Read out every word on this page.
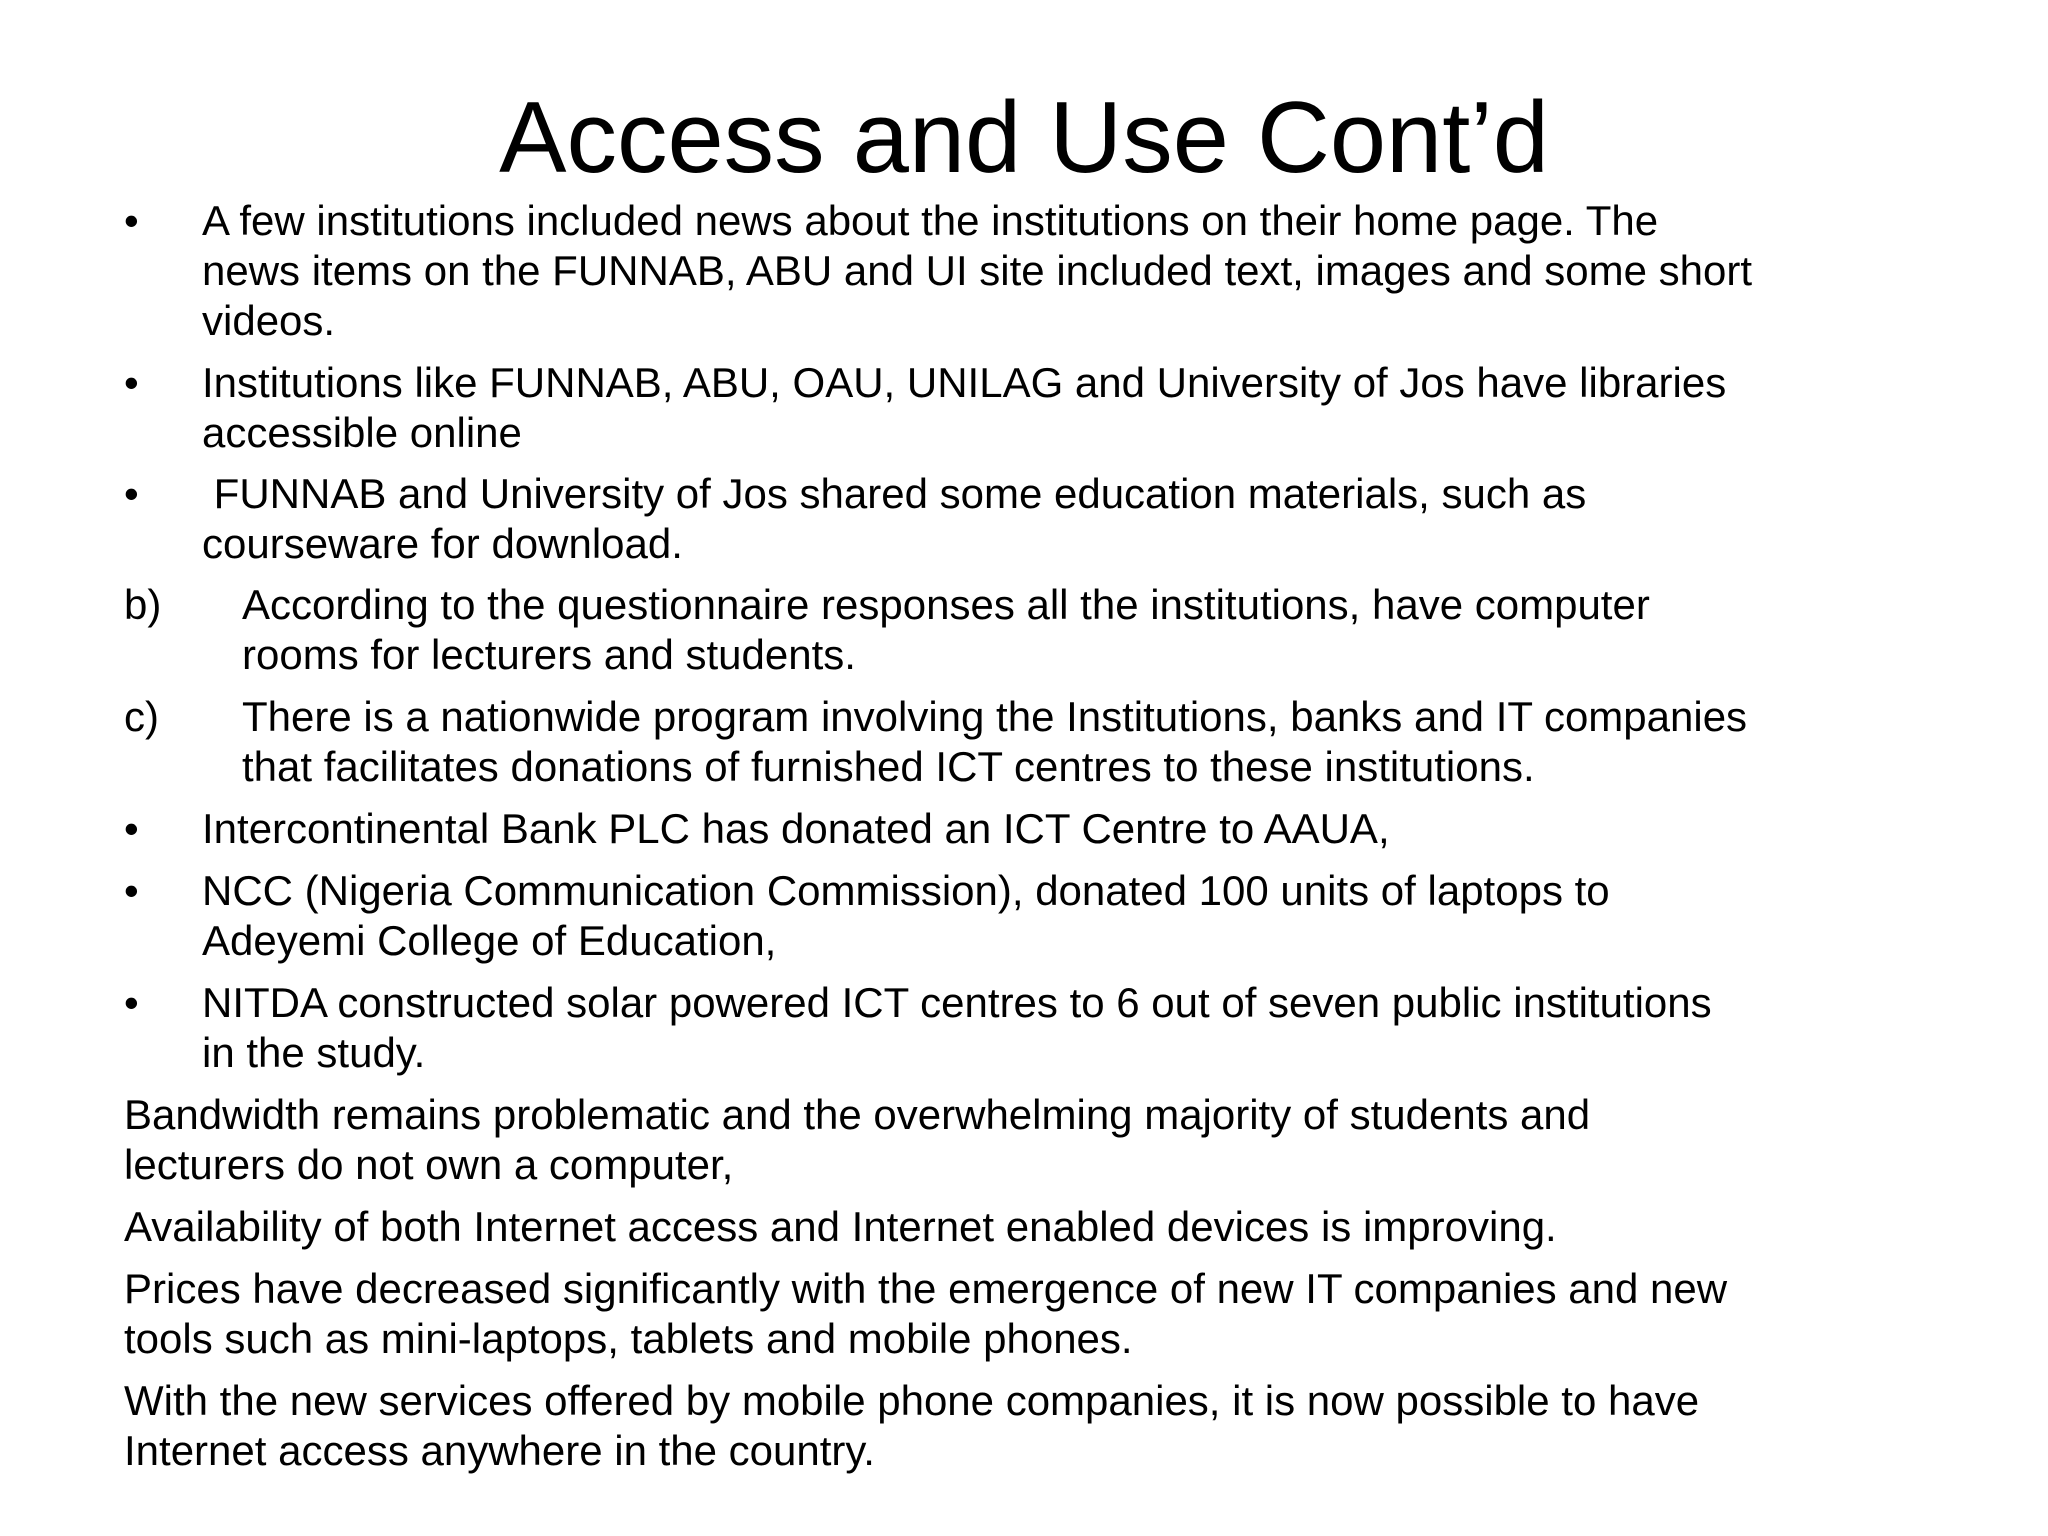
Access and Use Cont’d
• A few institutions included news about the institutions on their home page. The
news items on the FUNNAB, ABU and UI site included text, images and some short
videos.
• Institutions like FUNNAB, ABU, OAU, UNILAG and University of Jos have libraries
accessible online
• FUNNAB and University of Jos shared some education materials, such as
courseware for download.
b) According to the questionnaire responses all the institutions, have computer
rooms for lecturers and students.
c) There is a nationwide program involving the Institutions, banks and IT companies
that facilitates donations of furnished ICT centres to these institutions.
• Intercontinental Bank PLC has donated an ICT Centre to AAUA,
• NCC (Nigeria Communication Commission), donated 100 units of laptops to
Adeyemi College of Education,
• NITDA constructed solar powered ICT centres to 6 out of seven public institutions
in the study.
Bandwidth remains problematic and the overwhelming majority of students and
lecturers do not own a computer,
Availability of both Internet access and Internet enabled devices is improving.
Prices have decreased significantly with the emergence of new IT companies and new
tools such as mini-laptops, tablets and mobile phones.
With the new services offered by mobile phone companies, it is now possible to have
Internet access anywhere in the country.
